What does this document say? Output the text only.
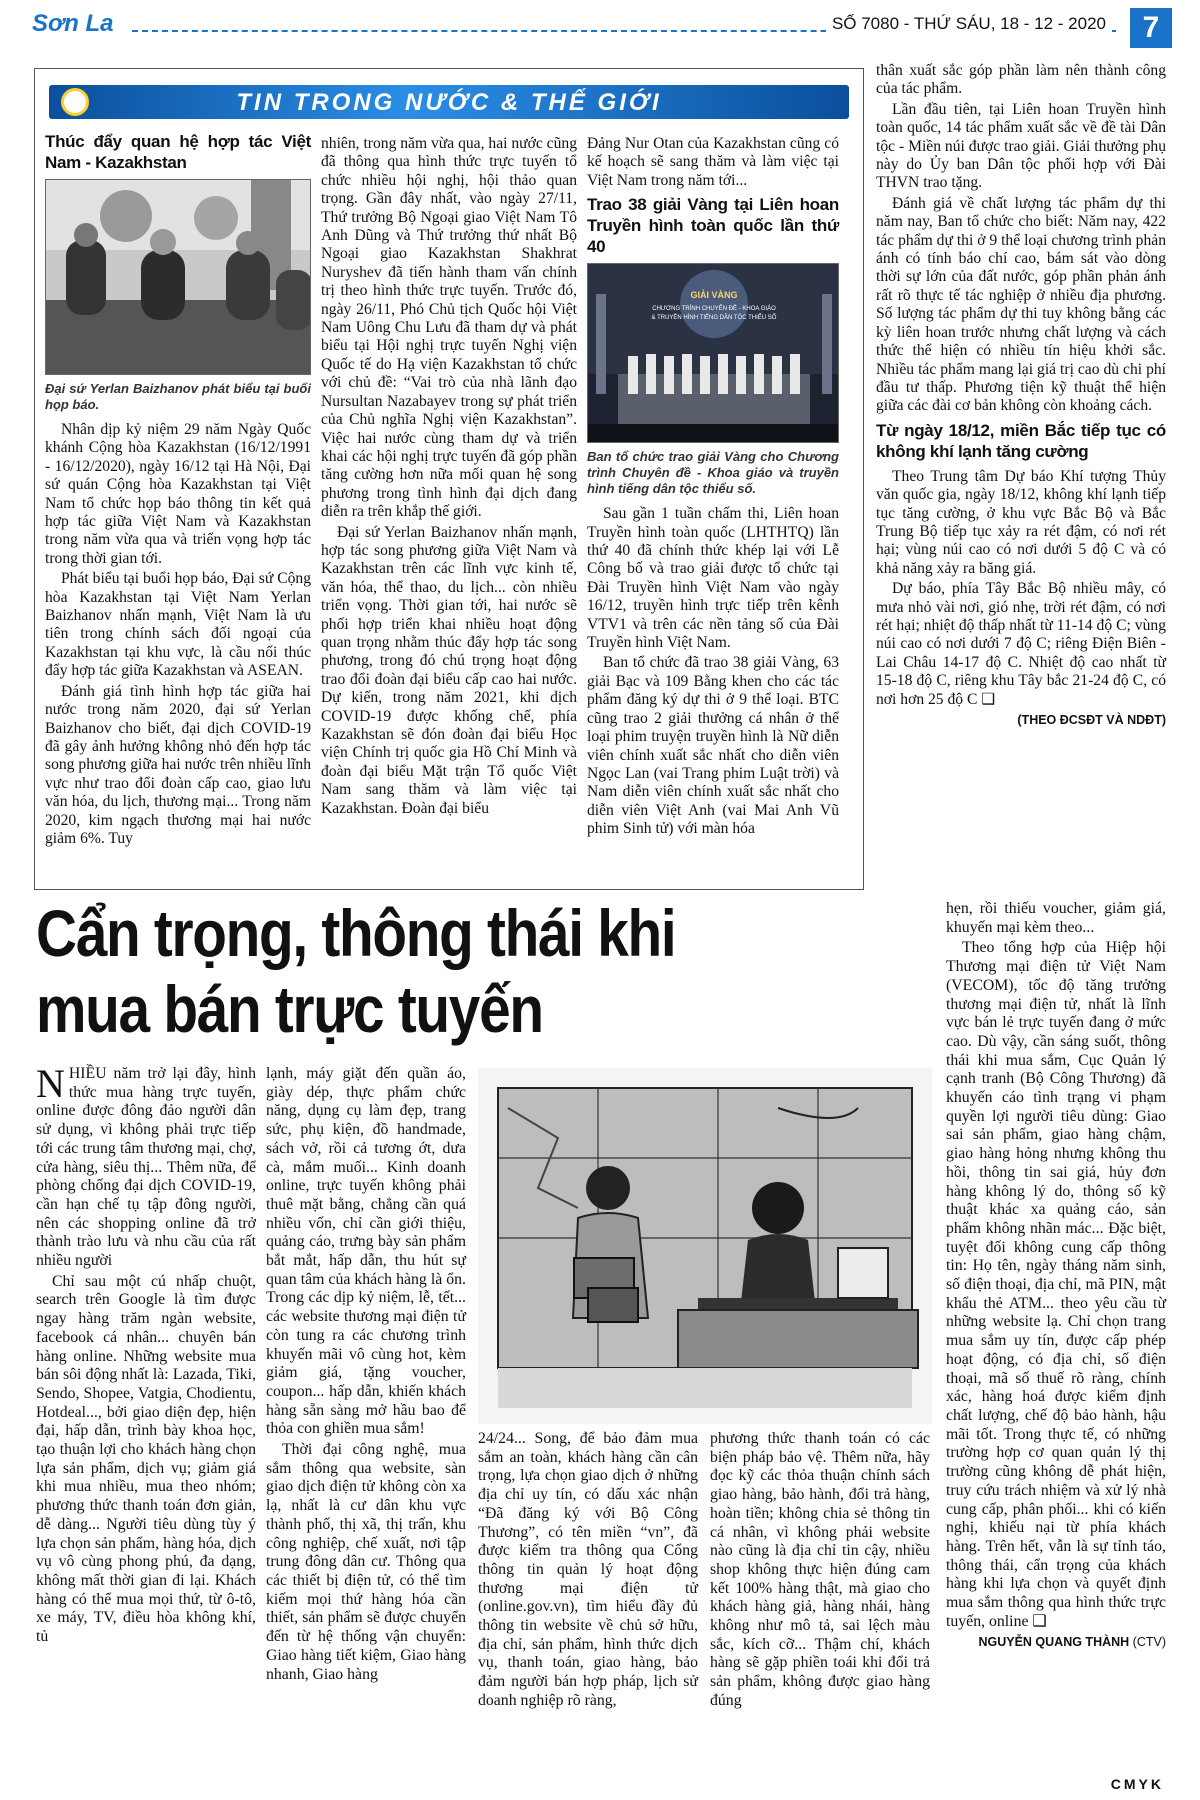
Sơn La	SỐ 7080 - THỨ SÁU, 18 - 12 - 2020	7
TIN TRONG NƯỚC & THẾ GIỚI
Thúc đẩy quan hệ hợp tác Việt Nam - Kazakhstan
Đại sứ Yerlan Baizhanov phát biểu tại buổi họp báo.

Nhân dịp kỷ niệm 29 năm Ngày Quốc khánh Cộng hòa Kazakhstan (16/12/1991 - 16/12/2020), ngày 16/12 tại Hà Nội, Đại sứ quán Cộng hòa Kazakhstan tại Việt Nam tổ chức họp báo thông tin kết quả hợp tác giữa Việt Nam và Kazakhstan trong năm vừa qua và triển vọng hợp tác trong thời gian tới.

Phát biểu tại buổi họp báo, Đại sứ Cộng hòa Kazakhstan tại Việt Nam Yerlan Baizhanov nhấn mạnh, Việt Nam là ưu tiên trong chính sách đối ngoại của Kazakhstan tại khu vực, là cầu nối thúc đẩy hợp tác giữa Kazakhstan và ASEAN.

Đánh giá tình hình hợp tác giữa hai nước trong năm 2020, đại sứ Yerlan Baizhanov cho biết, đại dịch COVID-19 đã gây ảnh hưởng không nhỏ đến hợp tác song phương giữa hai nước trên nhiều lĩnh vực như trao đổi đoàn cấp cao, giao lưu văn hóa, du lịch, thương mại... Trong năm 2020, kim ngạch thương mại hai nước giảm 6%. Tuy

nhiên, trong năm vừa qua, hai nước cũng đã thông qua hình thức trực tuyến tổ chức nhiều hội nghị, hội thảo quan trọng. Gần đây nhất, vào ngày 27/11, Thứ trưởng Bộ Ngoại giao Việt Nam Tô Anh Dũng và Thứ trưởng thứ nhất Bộ Ngoại giao Kazakhstan Shakhrat Nuryshev đã tiến hành tham vấn chính trị theo hình thức trực tuyến. Trước đó, ngày 26/11, Phó Chủ tịch Quốc hội Việt Nam Uông Chu Lưu đã tham dự và phát biểu tại Hội nghị trực tuyến Nghị viện Quốc tế do Hạ viện Kazakhstan tổ chức với chủ đề: “Vai trò của nhà lãnh đạo Nursultan Nazabayev trong sự phát triển của Chủ nghĩa Nghị viện Kazakhstan”. Việc hai nước cùng tham dự và triển khai các hội nghị trực tuyến đã góp phần tăng cường hơn nữa mối quan hệ song phương trong tình hình đại dịch đang diễn ra trên khắp thế giới.

Đại sứ Yerlan Baizhanov nhấn mạnh, hợp tác song phương giữa Việt Nam và Kazakhstan trên các lĩnh vực kinh tế, văn hóa, thể thao, du lịch... còn nhiều triển vọng. Thời gian tới, hai nước sẽ phối hợp triển khai nhiều hoạt động quan trọng nhằm thúc đẩy hợp tác song phương, trong đó chú trọng hoạt động trao đổi đoàn đại biểu cấp cao hai nước. Dự kiến, trong năm 2021, khi dịch COVID-19 được khống chế, phía Kazakhstan sẽ đón đoàn đại biểu Học viện Chính trị quốc gia Hồ Chí Minh và đoàn đại biểu Mặt trận Tổ quốc Việt Nam sang thăm và làm việc tại Kazakhstan. Đoàn đại biểu

Đảng Nur Otan của Kazakhstan cũng có kế hoạch sẽ sang thăm và làm việc tại Việt Nam trong năm tới...

Trao 38 giải Vàng tại Liên hoan Truyền hình toàn quốc lần thứ 40
GIẢI VÀNG
CHƯƠNG TRÌNH CHUYÊN ĐỀ - KHOA GIÁO
& TRUYỀN HÌNH TIẾNG DÂN TỘC THIỂU SỐ
Ban tổ chức trao giải Vàng cho Chương trình Chuyên đề - Khoa giáo và truyền hình tiếng dân tộc thiểu số.

Sau gần 1 tuần chấm thi, Liên hoan Truyền hình toàn quốc (LHTHTQ) lần thứ 40 đã chính thức khép lại với Lễ Công bố và trao giải được tổ chức tại Đài Truyền hình Việt Nam vào ngày 16/12, truyền hình trực tiếp trên kênh VTV1 và trên các nền tảng số của Đài Truyền hình Việt Nam.

Ban tổ chức đã trao 38 giải Vàng, 63 giải Bạc và 109 Bằng khen cho các tác phẩm đăng ký dự thi ở 9 thể loại. BTC cũng trao 2 giải thưởng cá nhân ở thể loại phim truyện truyền hình là Nữ diễn viên chính xuất sắc nhất cho diễn viên Ngọc Lan (vai Trang phim Luật trời) và Nam diễn viên chính xuất sắc nhất cho diễn viên Việt Anh (vai Mai Anh Vũ phim Sinh tử) với màn hóa

thân xuất sắc góp phần làm nên thành công của tác phẩm.

Lần đầu tiên, tại Liên hoan Truyền hình toàn quốc, 14 tác phẩm xuất sắc về đề tài Dân tộc - Miền núi được trao giải. Giải thưởng phụ này do Ủy ban Dân tộc phối hợp với Đài THVN trao tặng.

Đánh giá về chất lượng tác phẩm dự thi năm nay, Ban tổ chức cho biết: Năm nay, 422 tác phẩm dự thi ở 9 thể loại chương trình phản ánh có tính báo chí cao, bám sát vào dòng thời sự lớn của đất nước, góp phần phản ánh rất rõ thực tế tác nghiệp ở nhiều địa phương. Số lượng tác phẩm dự thi tuy không bằng các kỳ liên hoan trước nhưng chất lượng và cách thức thể hiện có nhiều tín hiệu khởi sắc. Nhiều tác phẩm mang lại giá trị cao dù chi phí đầu tư thấp. Phương tiện kỹ thuật thể hiện giữa các đài cơ bản không còn khoảng cách.

Từ ngày 18/12, miền Bắc tiếp tục có không khí lạnh tăng cường

Theo Trung tâm Dự báo Khí tượng Thủy văn quốc gia, ngày 18/12, không khí lạnh tiếp tục tăng cường, ở khu vực Bắc Bộ và Bắc Trung Bộ tiếp tục xảy ra rét đậm, có nơi rét hại; vùng núi cao có nơi dưới 5 độ C và có khả năng xảy ra băng giá.

Dự báo, phía Tây Bắc Bộ nhiều mây, có mưa nhỏ vài nơi, gió nhẹ, trời rét đậm, có nơi rét hại; nhiệt độ thấp nhất từ 11-14 độ C; vùng núi cao có nơi dưới 7 độ C; riêng Điện Biên - Lai Châu 14-17 độ C. Nhiệt độ cao nhất từ 15-18 độ C, riêng khu Tây bắc 21-24 độ C, có nơi hơn 25 độ C ❑

(THEO ĐCSĐT VÀ NDĐT)
Cẩn trọng, thông thái khi mua bán trực tuyến

NHIỀU năm trở lại đây, hình thức mua hàng trực tuyến, online được đông đảo người dân sử dụng, vì không phải trực tiếp tới các trung tâm thương mại, chợ, cửa hàng, siêu thị... Thêm nữa, để phòng chống đại dịch COVID-19, cần hạn chế tụ tập đông người, nên các shopping online đã trở thành trào lưu và nhu cầu của rất nhiều người

Chỉ sau một cú nhấp chuột, search trên Google là tìm được ngay hàng trăm ngàn website, facebook cá nhân... chuyên bán hàng online. Những website mua bán sôi động nhất là: Lazada, Tiki, Sendo, Shopee, Vatgia, Chodientu, Hotdeal..., bởi giao diện đẹp, hiện đại, hấp dẫn, trình bày khoa học, tạo thuận lợi cho khách hàng chọn lựa sản phẩm, dịch vụ; giảm giá khi mua nhiều, mua theo nhóm; phương thức thanh toán đơn giản, dễ dàng... Người tiêu dùng tùy ý lựa chọn sản phẩm, hàng hóa, dịch vụ vô cùng phong phú, đa dạng, không mất thời gian đi lại. Khách hàng có thể mua mọi thứ, từ ô-tô, xe máy, TV, điều hòa không khí, tủ

lạnh, máy giặt đến quần áo, giày dép, thực phẩm chức năng, dụng cụ làm đẹp, trang sức, phụ kiện, đồ handmade, sách vở, rồi cả tương ớt, dưa cà, mắm muối... Kinh doanh online, trực tuyến không phải thuê mặt bằng, chẳng cần quá nhiều vốn, chỉ cần giới thiệu, quảng cáo, trưng bày sản phẩm bắt mắt, hấp dẫn, thu hút sự quan tâm của khách hàng là ổn. Trong các dịp kỷ niệm, lễ, tết... các website thương mại điện tử còn tung ra các chương trình khuyến mãi vô cùng hot, kèm giảm giá, tặng voucher, coupon... hấp dẫn, khiến khách hàng sẵn sàng mở hầu bao để thỏa con ghiền mua sắm!

Thời đại công nghệ, mua sắm thông qua website, sàn giao dịch điện tử không còn xa lạ, nhất là cư dân khu vực thành phố, thị xã, thị trấn, khu công nghiệp, chế xuất, nơi tập trung đông dân cư. Thông qua các thiết bị điện tử, có thể tìm kiếm mọi thứ hàng hóa cần thiết, sản phẩm sẽ được chuyển đến từ hệ thống vận chuyển: Giao hàng tiết kiệm, Giao hàng nhanh, Giao hàng

24/24... Song, để bảo đảm mua sắm an toàn, khách hàng cần cân trọng, lựa chọn giao dịch ở những địa chỉ uy tín, có dấu xác nhận “Đã đăng ký với Bộ Công Thương”, có tên miền “vn”, đã được kiểm tra thông qua Cổng thông tin quản lý hoạt động thương mại điện tử (online.gov.vn), tìm hiểu đầy đủ thông tin website về chủ sở hữu, địa chỉ, sản phẩm, hình thức dịch vụ, thanh toán, giao hàng, bảo đảm người bán hợp pháp, lịch sử doanh nghiệp rõ ràng,

phương thức thanh toán có các biện pháp bảo vệ. Thêm nữa, hãy đọc kỹ các thỏa thuận chính sách giao hàng, bảo hành, đổi trả hàng, hoàn tiền; không chia sẻ thông tin cá nhân, vì không phải website nào cũng là địa chỉ tin cậy, nhiều shop không thực hiện đúng cam kết 100% hàng thật, mà giao cho khách hàng giả, hàng nhái, hàng không như mô tả, sai lệch màu sắc, kích cỡ... Thậm chí, khách hàng sẽ gặp phiền toái khi đổi trả sản phẩm, không được giao hàng đúng

hẹn, rồi thiếu voucher, giảm giá, khuyến mại kèm theo...

Theo tổng hợp của Hiệp hội Thương mại điện tử Việt Nam (VECOM), tốc độ tăng trưởng thương mại điện tử, nhất là lĩnh vực bán lẻ trực tuyến đang ở mức cao. Dù vậy, cần sáng suốt, thông thái khi mua sắm, Cục Quản lý cạnh tranh (Bộ Công Thương) đã khuyến cáo tình trạng vi phạm quyền lợi người tiêu dùng: Giao sai sản phẩm, giao hàng chậm, giao hàng hỏng nhưng không thu hồi, thông tin sai giá, hủy đơn hàng không lý do, thông số kỹ thuật khác xa quảng cáo, sản phẩm không nhãn mác... Đặc biệt, tuyệt đối không cung cấp thông tin: Họ tên, ngày tháng năm sinh, số điện thoại, địa chỉ, mã PIN, mật khẩu thẻ ATM... theo yêu cầu từ những website lạ. Chỉ chọn trang mua sắm uy tín, được cấp phép hoạt động, có địa chỉ, số điện thoại, mã số thuế rõ ràng, chính xác, hàng hoá được kiểm định chất lượng, chế độ bảo hành, hậu mãi tốt. Trong thực tế, có những trường hợp cơ quan quản lý thị trường cũng không dễ phát hiện, truy cứu trách nhiệm và xử lý nhà cung cấp, phân phối... khi có kiến nghị, khiếu nại từ phía khách hàng. Trên hết, vẫn là sự tỉnh táo, thông thái, cẩn trọng của khách hàng khi lựa chọn và quyết định mua sắm thông qua hình thức trực tuyến, online ❑

NGUYỄN QUANG THÀNH (CTV)
CMYK
